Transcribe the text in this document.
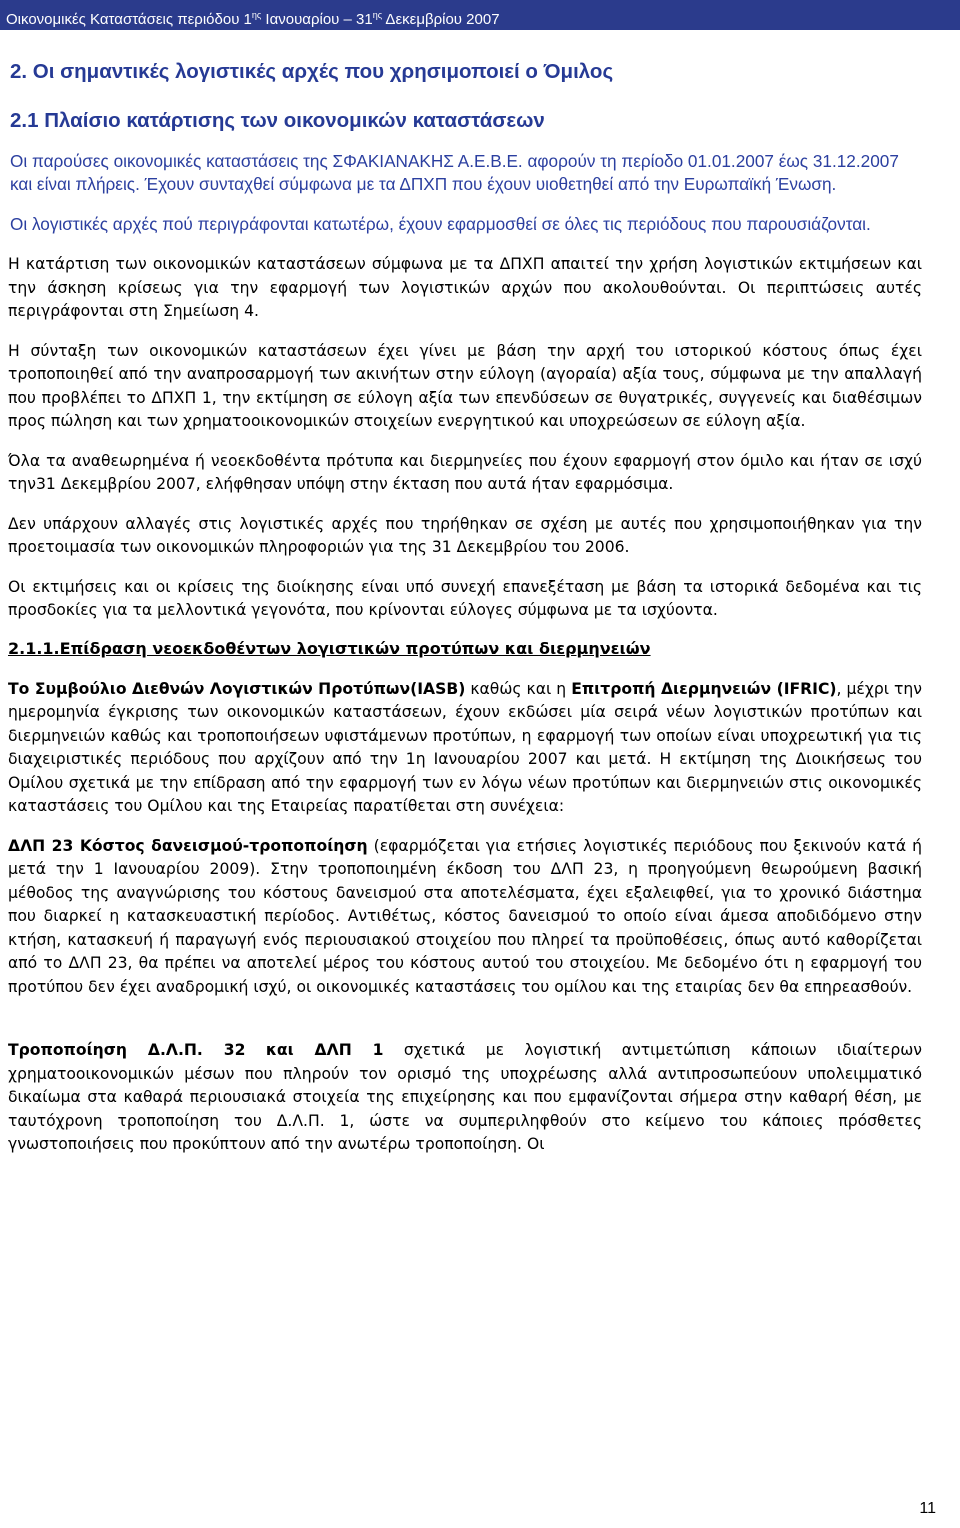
Οικονομικές Καταστάσεις περιόδου $1^{\eta\varsigma}$ Ιανουαρίου – $31^{\eta\varsigma}$ Δεκεμβρίου 2007
2. Οι σημαντικές λογιστικές αρχές που χρησιμοποιεί ο Όμιλος
2.1 Πλαίσιο κατάρτισης των οικονομικών καταστάσεων
Οι παρούσες οικονομικές καταστάσεις της ΣΦΑΚΙΑΝΑΚΗΣ Α.Ε.Β.Ε. αφορούν τη περίοδο 01.01.2007 έως 31.12.2007 και είναι πλήρεις. Έχουν συνταχθεί σύμφωνα με τα ΔΠΧΠ που έχουν υιοθετηθεί από την Ευρωπαϊκή Ένωση.
Οι λογιστικές αρχές πού περιγράφονται κατωτέρω, έχουν εφαρμοσθεί σε όλες τις περιόδους που παρουσιάζονται.
Η κατάρτιση των οικονομικών καταστάσεων σύμφωνα με τα ΔΠΧΠ απαιτεί την χρήση λογιστικών εκτιμήσεων και την άσκηση κρίσεως για την εφαρμογή των λογιστικών αρχών που ακολουθούνται. Οι περιπτώσεις αυτές περιγράφονται στη Σημείωση 4.
Η σύνταξη των οικονομικών καταστάσεων έχει γίνει με βάση την αρχή του ιστορικού κόστους όπως έχει τροποποιηθεί από την αναπροσαρμογή των ακινήτων στην εύλογη (αγοραία) αξία τους, σύμφωνα με την απαλλαγή που προβλέπει το ΔΠΧΠ 1, την εκτίμηση σε εύλογη αξία των επενδύσεων σε θυγατρικές, συγγενείς και διαθέσιμων προς πώληση και των χρηματοοικονομικών στοιχείων ενεργητικού και υποχρεώσεων σε εύλογη αξία.
Όλα τα αναθεωρημένα ή νεοεκδοθέντα πρότυπα και διερμηνείες που έχουν εφαρμογή στον όμιλο και ήταν σε ισχύ την31 Δεκεμβρίου 2007, ελήφθησαν υπόψη στην έκταση που αυτά ήταν εφαρμόσιμα.
Δεν υπάρχουν αλλαγές στις λογιστικές αρχές που τηρήθηκαν σε σχέση με αυτές που χρησιμοποιήθηκαν για την προετοιμασία των οικονομικών πληροφοριών για της 31 Δεκεμβρίου του 2006.
Οι εκτιμήσεις και οι κρίσεις της διοίκησης είναι υπό συνεχή επανεξέταση με βάση τα ιστορικά δεδομένα και τις προσδοκίες για τα μελλοντικά γεγονότα, που κρίνονται εύλογες σύμφωνα με τα ισχύοντα.
2.1.1.Επίδραση νεοεκδοθέντων λογιστικών προτύπων και διερμηνειών
Το Συμβούλιο Διεθνών Λογιστικών Προτύπων(IASB) καθώς και η Επιτροπή Διερμηνειών (IFRIC), μέχρι την ημερομηνία έγκρισης των οικονομικών καταστάσεων, έχουν εκδώσει μία σειρά νέων λογιστικών προτύπων και διερμηνειών καθώς και τροποποιήσεων υφιστάμενων προτύπων, η εφαρμογή των οποίων είναι υποχρεωτική για τις διαχειριστικές περιόδους που αρχίζουν από την 1η Ιανουαρίου 2007 και μετά. Η εκτίμηση της Διοικήσεως του Ομίλου σχετικά με την επίδραση από την εφαρμογή των εν λόγω νέων προτύπων και διερμηνειών στις οικονομικές καταστάσεις του Ομίλου και της Εταιρείας παρατίθεται στη συνέχεια:
ΔΛΠ 23 Κόστος δανεισμού-τροποποίηση (εφαρμόζεται για ετήσιες λογιστικές περιόδους που ξεκινούν κατά ή μετά την 1 Ιανουαρίου 2009). Στην τροποποιημένη έκδοση του ΔΛΠ 23, η προηγούμενη θεωρούμενη βασική μέθοδος της αναγνώρισης του κόστους δανεισμού στα αποτελέσματα, έχει εξαλειφθεί, για το χρονικό διάστημα που διαρκεί η κατασκευαστική περίοδος. Αντιθέτως, κόστος δανεισμού το οποίο είναι άμεσα αποδιδόμενο στην κτήση, κατασκευή ή παραγωγή ενός περιουσιακού στοιχείου που πληρεί τα προϋποθέσεις, όπως αυτό καθορίζεται από το ΔΛΠ 23, θα πρέπει να αποτελεί μέρος του κόστους αυτού του στοιχείου. Με δεδομένο ότι η εφαρμογή του προτύπου δεν έχει αναδρομική ισχύ, οι οικονομικές καταστάσεις του ομίλου και της εταιρίας δεν θα επηρεασθούν.
Τροποποίηση Δ.Λ.Π. 32 και ΔΛΠ 1 σχετικά με λογιστική αντιμετώπιση κάποιων ιδιαίτερων χρηματοοικονομικών μέσων που πληρούν τον ορισμό της υποχρέωσης αλλά αντιπροσωπεύουν υπολειμματικό δικαίωμα στα καθαρά περιουσιακά στοιχεία της επιχείρησης και που εμφανίζονται σήμερα στην καθαρή θέση, με ταυτόχρονη τροποποίηση του Δ.Λ.Π. 1, ώστε να συμπεριληφθούν στο κείμενο του κάποιες πρόσθετες γνωστοποιήσεις που προκύπτουν από την ανωτέρω τροποποίηση. Οι
11
